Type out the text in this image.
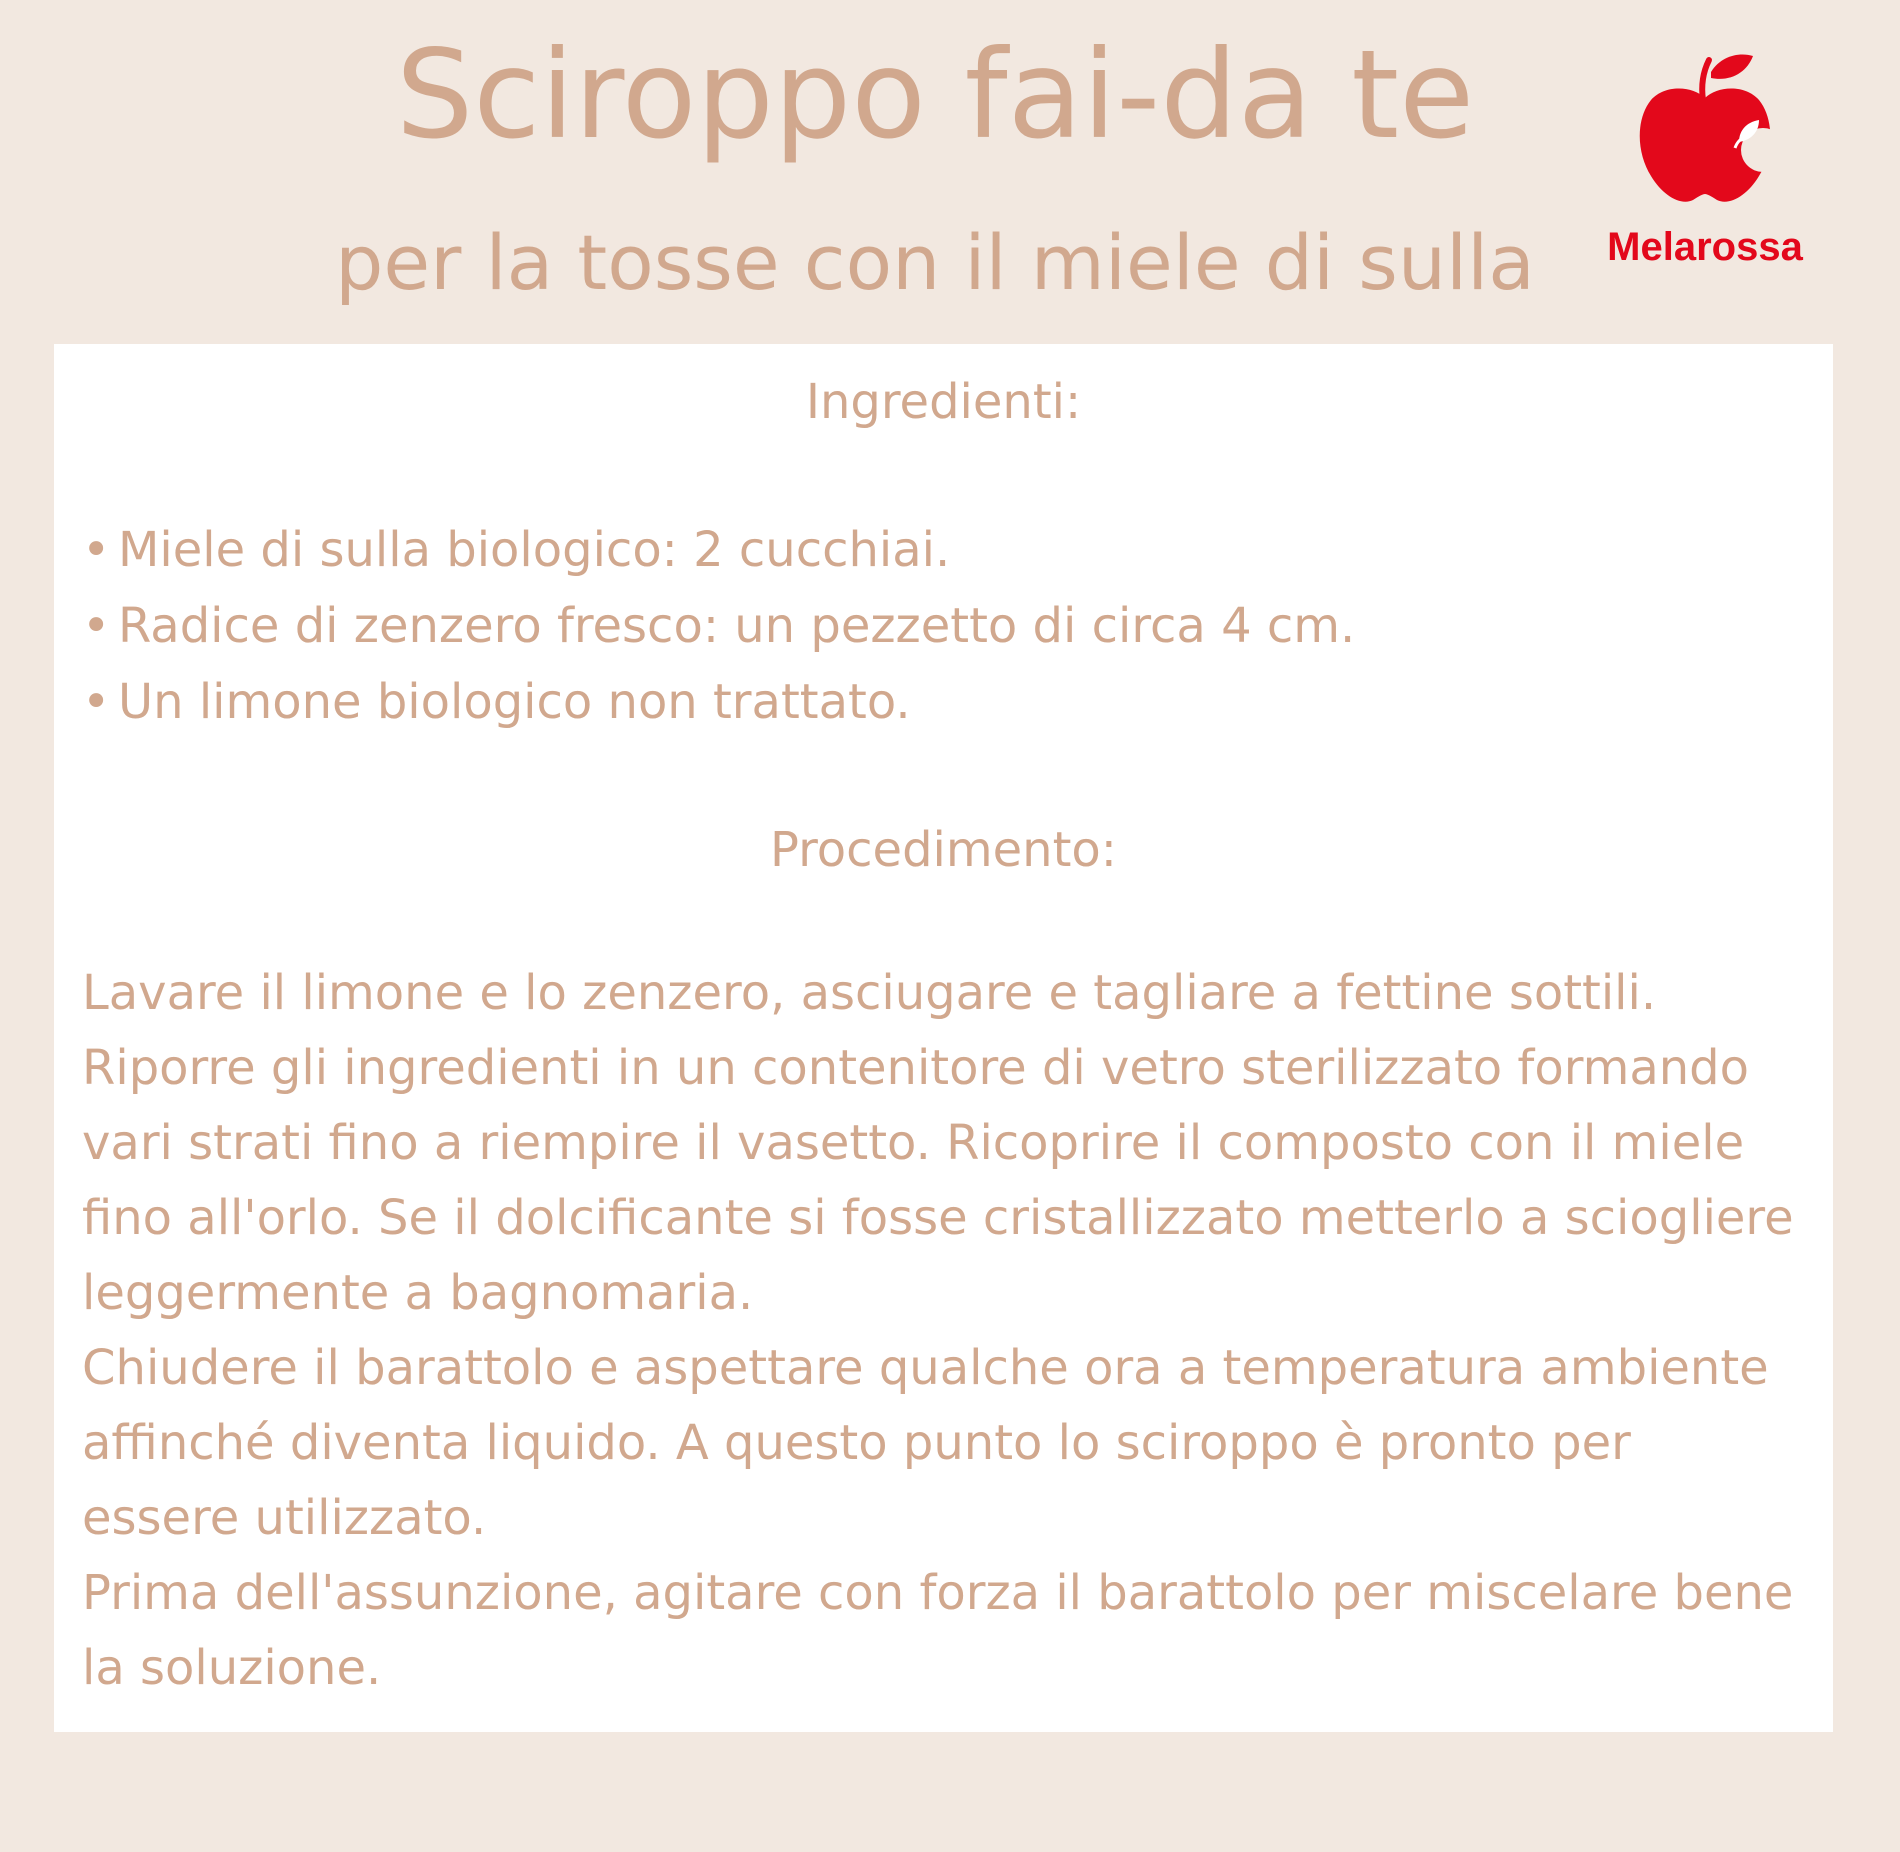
Sciroppo fai-da te
per la tosse con il miele di sulla	Melarossa
Ingredienti:
• Miele di sulla biologico: 2 cucchiai.
• Radice di zenzero fresco: un pezzetto di circa 4 cm.
• Un limone biologico non trattato.
Procedimento:

Lavare il limone e lo zenzero, asciugare e tagliare a fettine sottili. Riporre gli ingredienti in un contenitore di vetro sterilizzato formando vari strati fino a riempire il vasetto. Ricoprire il composto con il miele fino all'orlo. Se il dolcificante si fosse cristallizzato metterlo a sciogliere leggermente a bagnomaria.

Chiudere il barattolo e aspettare qualche ora a temperatura ambiente affinché diventa liquido. A questo punto lo sciroppo è pronto per essere utilizzato.

Prima dell'assunzione, agitare con forza il barattolo per miscelare bene la soluzione.
